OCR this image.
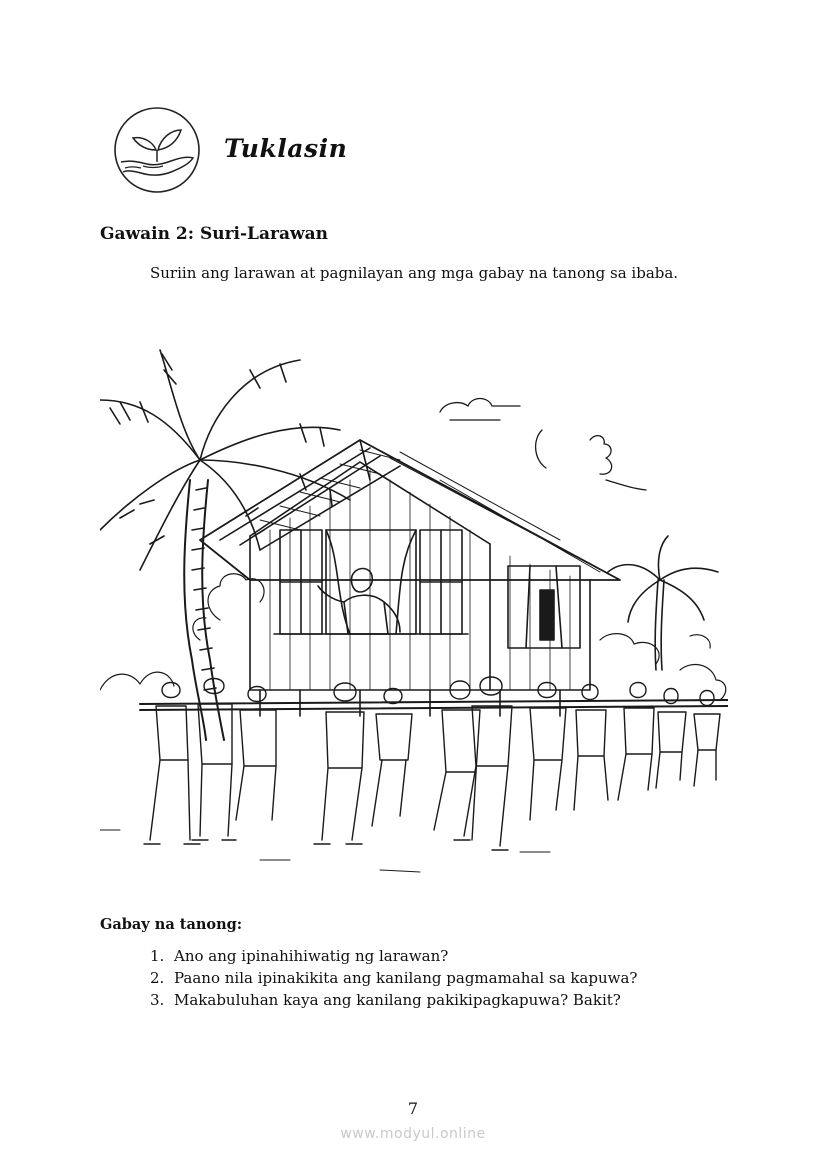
Tuklasin
Gawain 2: Suri-Larawan
Suriin ang larawan at pagnilayan ang mga gabay na tanong sa ibaba.
Gabay na tanong:
1. Ano ang ipinahihiwatig ng larawan?
2. Paano nila ipinakikita ang kanilang pagmamahal sa kapuwa?
3. Makabuluhan kaya ang kanilang pakikipagkapuwa? Bakit?
7
www.modyul.online
